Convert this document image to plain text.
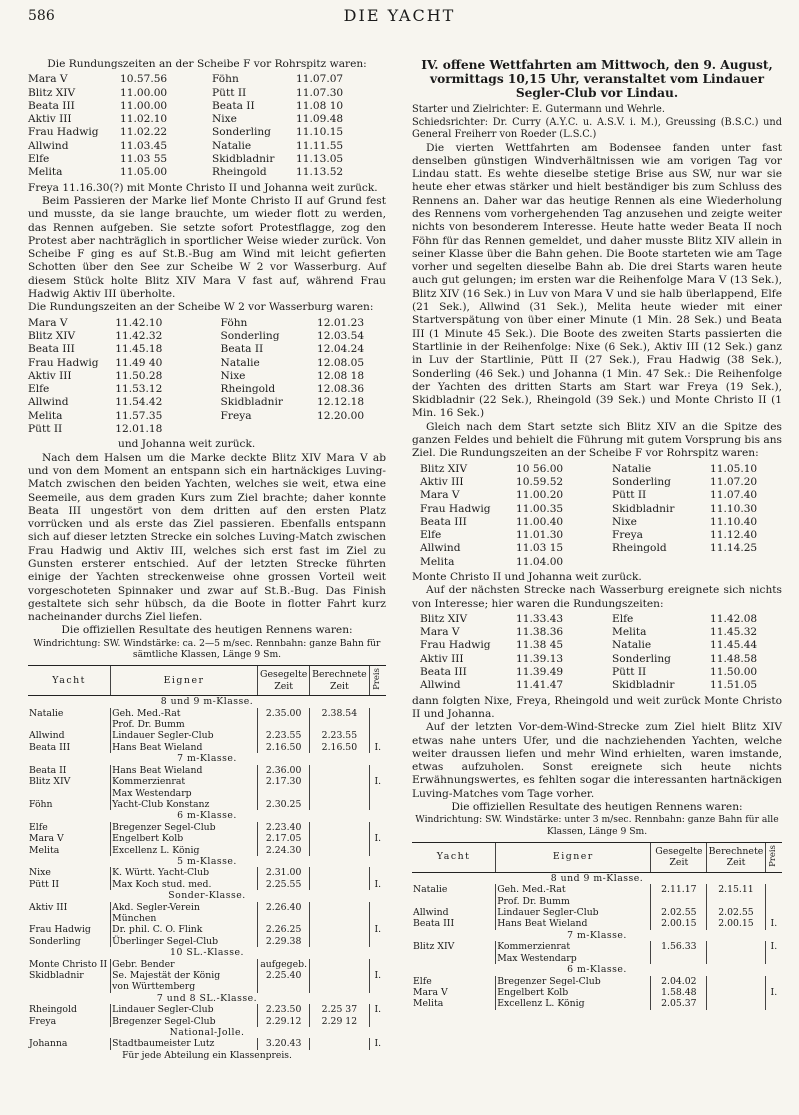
586	DIE YACHT

Die Rundungszeiten an der Scheibe F vor Rohrspitz waren:

Mara V	10.57.56	Föhn	11.07.07
Blitz XIV	11.00.00	Pütt II	11.07.30
Beata III	11.00.00	Beata II	11.08 10
Aktiv III	11.02.10	Nixe	11.09.48
Frau Hadwig	11.02.22	Sonderling	11.10.15
Allwind	11.03.45	Natalie	11.11.55
Elfe	11.03 55	Skidbladnir	11.13.05
Melita	11.05.00	Rheingold	11.13.52

Freya 11.16.30(?) mit Monte Christo II und Johanna weit zurück.

Beim Passieren der Marke lief Monte Christo II auf Grund fest und musste, da sie lange brauchte, um wieder flott zu werden, das Rennen aufgeben. Sie setzte sofort Protestflagge, zog den Protest aber nachträglich in sportlicher Weise wieder zurück. Von Scheibe F ging es auf St.B.-Bug am Wind mit leicht gefierten Schotten über den See zur Scheibe W 2 vor Wasserburg. Auf diesem Stück holte Blitz XIV Mara V fast auf, während Frau Hadwig Aktiv III überholte.

Die Rundungszeiten an der Scheibe W 2 vor Wasserburg waren:

Mara V	11.42.10	Föhn	12.01.23
Blitz XIV	11.42.32	Sonderling	12.03.54
Beata III	11.45.18	Beata II	12.04.24
Frau Hadwig	11.49 40	Natalie	12.08.05
Aktiv III	11.50.28	Nixe	12.08 18
Elfe	11.53.12	Rheingold	12.08.36
Allwind	11.54.42	Skidbladnir	12.12.18
Melita	11.57.35	Freya	12.20.00
Pütt II	12.01.18		

und Johanna weit zurück.

Nach dem Halsen um die Marke deckte Blitz XIV Mara V ab und von dem Moment an entspann sich ein hartnäckiges Luving-Match zwischen den beiden Yachten, welches sie weit, etwa eine Seemeile, aus dem graden Kurs zum Ziel brachte; daher konnte Beata III ungestört von dem dritten auf den ersten Platz vorrücken und als erste das Ziel passieren. Ebenfalls entspann sich auf dieser letzten Strecke ein solches Luving-Match zwischen Frau Hadwig und Aktiv III, welches sich erst fast im Ziel zu Gunsten ersterer entschied. Auf der letzten Strecke führten einige der Yachten streckenweise ohne grossen Vorteil weit vorgeschoteten Spinnaker und zwar auf St.B.-Bug. Das Finish gestaltete sich sehr hübsch, da die Boote in flotter Fahrt kurz nacheinander durchs Ziel liefen.

Die offiziellen Resultate des heutigen Rennens waren:

Windrichtung: SW. Windstärke: ca. 2—5 m/sec. Rennbahn: ganze Bahn für sämtliche Klassen, Länge 9 Sm.

Yacht	Eigner	Gesegelte Zeit	Berechnete Zeit	Preis
8 und 9 m-Klasse.				
Natalie	Geh. Med.-Rat	2.35.00	2.38.54	
	Prof. Dr. Bumm			
Allwind	Lindauer Segler-Club	2.23.55	2.23.55	
Beata III	Hans Beat Wieland	2.16.50	2.16.50	I.
7 m-Klasse.				
Beata II	Hans Beat Wieland	2.36.00		
Blitz XIV	Kommerzienrat	2.17.30		I.
	Max Westendarp			
Föhn	Yacht-Club Konstanz	2.30.25		
6 m-Klasse.				
Elfe	Bregenzer Segel-Club	2.23.40		
Mara V	Engelbert Kolb	2.17.05		I.
Melita	Excellenz L. König	2.24.30		
5 m-Klasse.				
Nixe	K. Württ. Yacht-Club	2.31.00		
Pütt II	Max Koch stud. med.	2.25.55		I.
Sonder-Klasse.				
Aktiv III	Akd. Segler-Verein	2.26.40		
	München			
Frau Hadwig	Dr. phil. C. O. Flink	2.26.25		I.
Sonderling	Überlinger Segel-Club	2.29.38		
10 SL.-Klasse.				
Monte Christo II	Gebr. Bender	aufgegeb.		
Skidbladnir	Se. Majestät der König	2.25.40		I.
	von Württemberg			
7 und 8 SL.-Klasse.				
Rheingold	Lindauer Segler-Club	2.23.50	2.25 37	I.
Freya	Bregenzer Segel-Club	2.29.12	2.29 12	
National-Jolle.				
Johanna	Stadtbaumeister Lutz	3.20.43		I.

Für jede Abteilung ein Klassenpreis.

IV. offene Wettfahrten am Mittwoch, den 9. August, vormittags 10,15 Uhr, veranstaltet vom Lindauer Segler-Club vor Lindau.

Starter und Zielrichter: E. Gutermann und Wehrle.

Schiedsrichter: Dr. Curry (A.Y.C. u. A.S.V. i. M.), Greussing (B.S.C.) und General Freiherr von Roeder (L.S.C.)

Die vierten Wettfahrten am Bodensee fanden unter fast denselben günstigen Windverhältnissen wie am vorigen Tag vor Lindau statt. Es wehte dieselbe stetige Brise aus SW, nur war sie heute eher etwas stärker und hielt beständiger bis zum Schluss des Rennens an. Daher war das heutige Rennen als eine Wiederholung des Rennens vom vorhergehenden Tag anzusehen und zeigte weiter nichts von besonderem Interesse. Heute hatte weder Beata II noch Föhn für das Rennen gemeldet, und daher musste Blitz XIV allein in seiner Klasse über die Bahn gehen. Die Boote starteten wie am Tage vorher und segelten dieselbe Bahn ab. Die drei Starts waren heute auch gut gelungen; im ersten war die Reihenfolge Mara V (13 Sek.), Blitz XIV (16 Sek.) in Luv von Mara V und sie halb überlappend, Elfe (21 Sek.), Allwind (31 Sek.), Melita heute wieder mit einer Startverspätung von über einer Minute (1 Min. 28 Sek.) und Beata III (1 Minute 45 Sek.). Die Boote des zweiten Starts passierten die Startlinie in der Reihenfolge: Nixe (6 Sek.), Aktiv III (12 Sek.) ganz in Luv der Startlinie, Pütt II (27 Sek.), Frau Hadwig (38 Sek.), Sonderling (46 Sek.) und Johanna (1 Min. 47 Sek.: Die Reihenfolge der Yachten des dritten Starts am Start war Freya (19 Sek.), Skidbladnir (22 Sek.), Rheingold (39 Sek.) und Monte Christo II (1 Min. 16 Sek.)

Gleich nach dem Start setzte sich Blitz XIV an die Spitze des ganzen Feldes und behielt die Führung mit gutem Vorsprung bis ans Ziel. Die Rundungszeiten an der Scheibe F vor Rohrspitz waren:

Blitz XIV	10 56.00	Natalie	11.05.10
Aktiv III	10.59.52	Sonderling	11.07.20
Mara V	11.00.20	Pütt II	11.07.40
Frau Hadwig	11.00.35	Skidbladnir	11.10.30
Beata III	11.00.40	Nixe	11.10.40
Elfe	11.01.30	Freya	11.12.40
Allwind	11.03 15	Rheingold	11.14.25
Melita	11.04.00		

Monte Christo II und Johanna weit zurück.

Auf der nächsten Strecke nach Wasserburg ereignete sich nichts von Interesse; hier waren die Rundungszeiten:

Blitz XIV	11.33.43	Elfe	11.42.08
Mara V	11.38.36	Melita	11.45.32
Frau Hadwig	11.38 45	Natalie	11.45.44
Aktiv III	11.39.13	Sonderling	11.48.58
Beata III	11.39.49	Pütt II	11.50.00
Allwind	11.41.47	Skidbladnir	11.51.05

dann folgten Nixe, Freya, Rheingold und weit zurück Monte Christo II und Johanna.

Auf der letzten Vor-dem-Wind-Strecke zum Ziel hielt Blitz XIV etwas nahe unters Ufer, und die nachziehenden Yachten, welche weiter draussen liefen und mehr Wind erhielten, waren imstande, etwas aufzuholen. Sonst ereignete sich heute nichts Erwähnungswertes, es fehlten sogar die interessanten hartnäckigen Luving-Matches vom Tage vorher.

Die offiziellen Resultate des heutigen Rennens waren:

Windrichtung: SW. Windstärke: unter 3 m/sec. Rennbahn: ganze Bahn für alle Klassen, Länge 9 Sm.

Yacht	Eigner	Gesegelte Zeit	Berechnete Zeit	Preis
8 und 9 m-Klasse.				
Natalie	Geh. Med.-Rat	2.11.17	2.15.11	
	Prof. Dr. Bumm			
Allwind	Lindauer Segler-Club	2.02.55	2.02.55	
Beata III	Hans Beat Wieland	2.00.15	2.00.15	I.
7 m-Klasse.				
Blitz XIV	Kommerzienrat	1.56.33		I.
	Max Westendarp			
6 m-Klasse.				
Elfe	Bregenzer Segel-Club	2.04.02		
Mara V	Engelbert Kolb	1.58.48		I.
Melita	Excellenz L. König	2.05.37		
